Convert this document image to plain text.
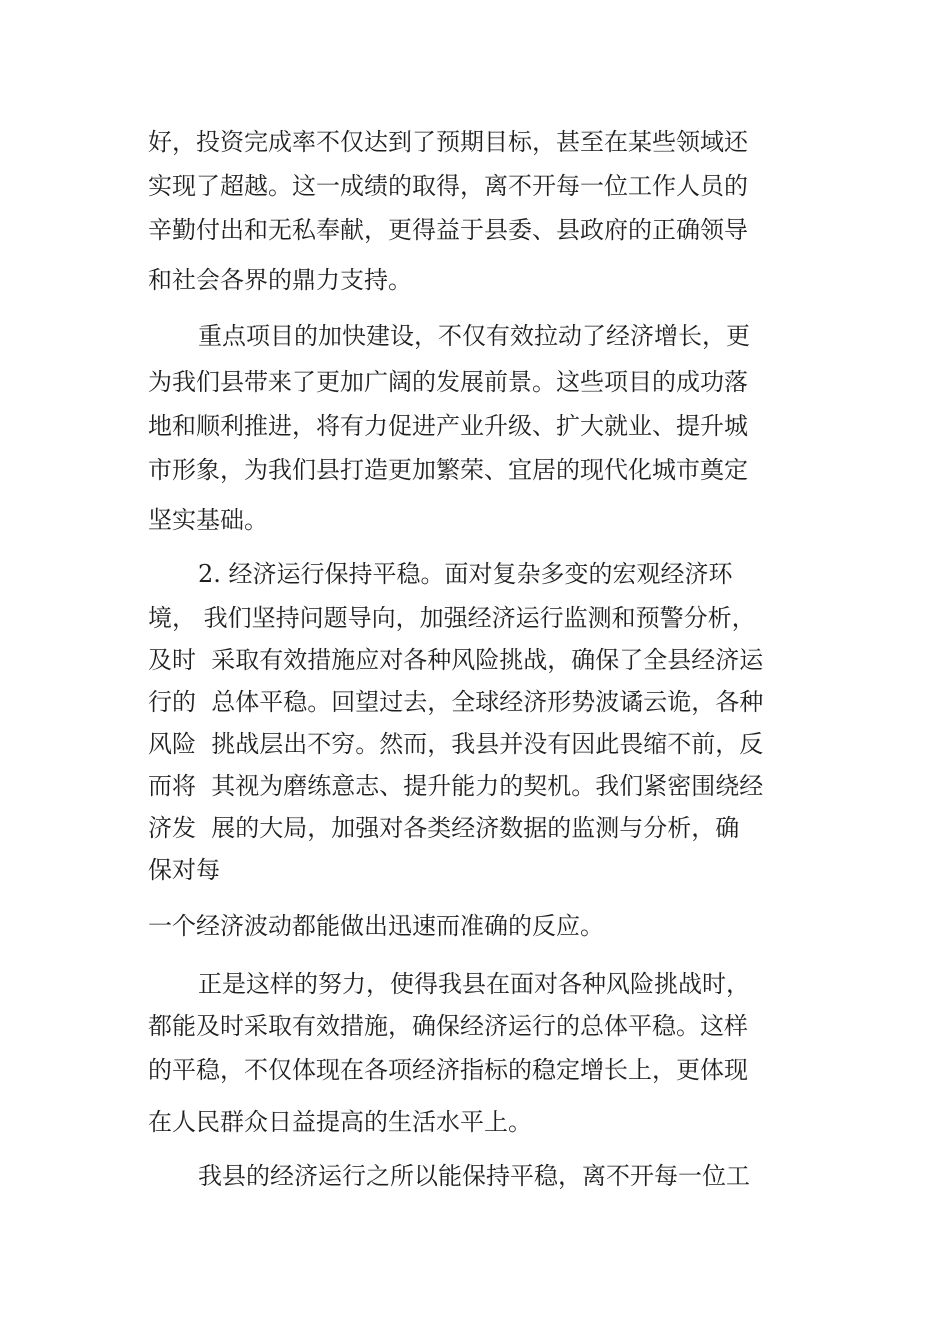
好，投资完成率不仅达到了预期目标，甚至在某些领域还
实现了超越。这一成绩的取得，离不开每一位工作人员的
辛勤付出和无私奉献，更得益于县委、县政府的正确领导
和社会各界的鼎力支持。
重点项目的加快建设，不仅有效拉动了经济增长，更
为我们县带来了更加广阔的发展前景。这些项目的成功落
地和顺利推进，将有力促进产业升级、扩大就业、提升城
市形象，为我们县打造更加繁荣、宜居的现代化城市奠定
坚实基础。
2. 经济运行保持平稳。面对复杂多变的宏观经济环
境， 我们坚持问题导向，加强经济运行监测和预警分析，
及时  采取有效措施应对各种风险挑战，确保了全县经济运
行的  总体平稳。回望过去，全球经济形势波谲云诡，各种
风险  挑战层出不穷。然而，我县并没有因此畏缩不前，反
而将  其视为磨练意志、提升能力的契机。我们紧密围绕经
济发  展的大局，加强对各类经济数据的监测与分析，确
保对每
一个经济波动都能做出迅速而准确的反应。
正是这样的努力，使得我县在面对各种风险挑战时，
都能及时采取有效措施，确保经济运行的总体平稳。这样
的平稳，不仅体现在各项经济指标的稳定增长上，更体现
在人民群众日益提高的生活水平上。
我县的经济运行之所以能保持平稳，离不开每一位工
